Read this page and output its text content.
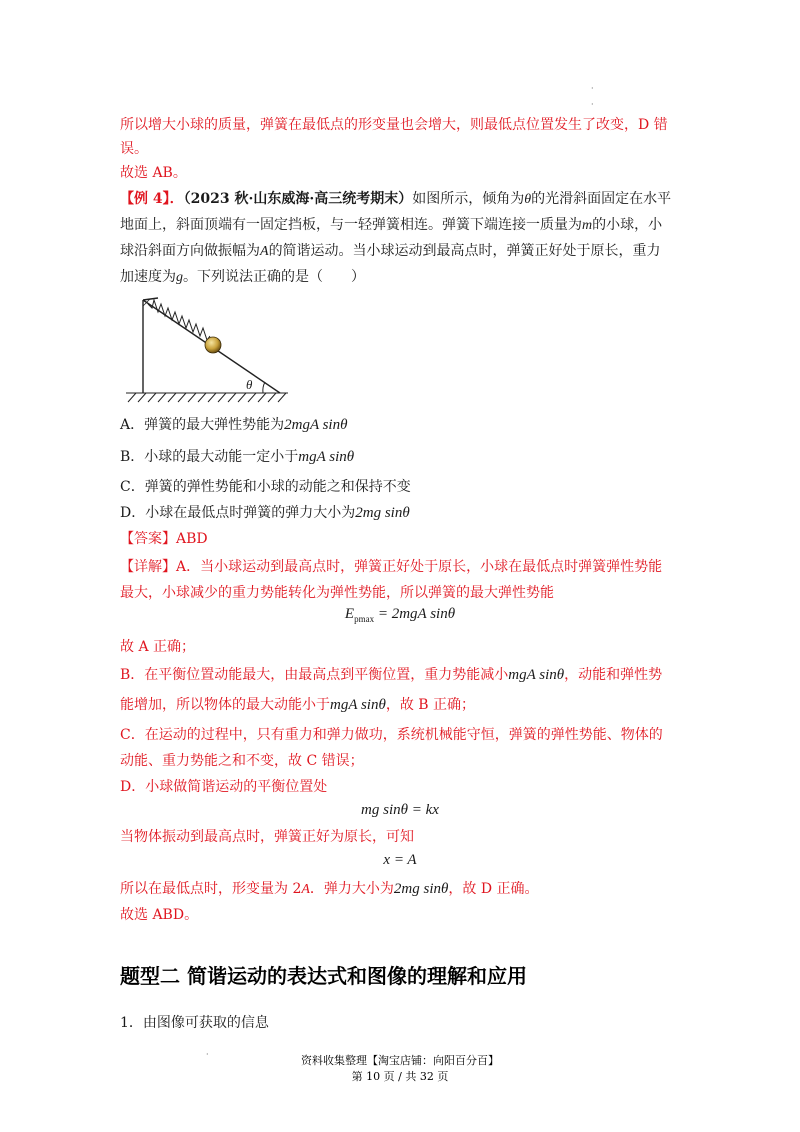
·
·
所以增大小球的质量，弹簧在最低点的形变量也会增大，则最低点位置发生了改变，D 错
误。
故选 AB。
【例 4】．（2023 秋·山东威海·高三统考期末）如图所示，倾角为θ的光滑斜面固定在水平
地面上，斜面顶端有一固定挡板，与一轻弹簧相连。弹簧下端连接一质量为m的小球，小
球沿斜面方向做振幅为A的简谐运动。当小球运动到最高点时，弹簧正好处于原长，重力
加速度为g。下列说法正确的是（　　）
θ
A．弹簧的最大弹性势能为2mgA sinθ
B．小球的最大动能一定小于mgA sinθ
C．弹簧的弹性势能和小球的动能之和保持不变
D．小球在最低点时弹簧的弹力大小为2mg sinθ
【答案】ABD
【详解】A．当小球运动到最高点时，弹簧正好处于原长，小球在最低点时弹簧弹性势能
最大，小球减少的重力势能转化为弹性势能，所以弹簧的最大弹性势能
$E_{pmax} = 2mgA$ sinθ
故 A 正确；
B．在平衡位置动能最大，由最高点到平衡位置，重力势能减小mgA sinθ，动能和弹性势
能增加，所以物体的最大动能小于mgA sinθ，故 B 正确；
C．在运动的过程中，只有重力和弹力做功，系统机械能守恒，弹簧的弹性势能、物体的
动能、重力势能之和不变，故 C 错误；
D．小球做简谐运动的平衡位置处
mg sinθ = kx
当物体振动到最高点时，弹簧正好为原长，可知
x = A
所以在最低点时，形变量为 2A．弹力大小为2mg sinθ，故 D 正确。
故选 ABD。
题型二 简谐运动的表达式和图像的理解和应用
1．由图像可获取的信息
·	资料收集整理【淘宝店铺：向阳百分百】
第 10 页 / 共 32 页
